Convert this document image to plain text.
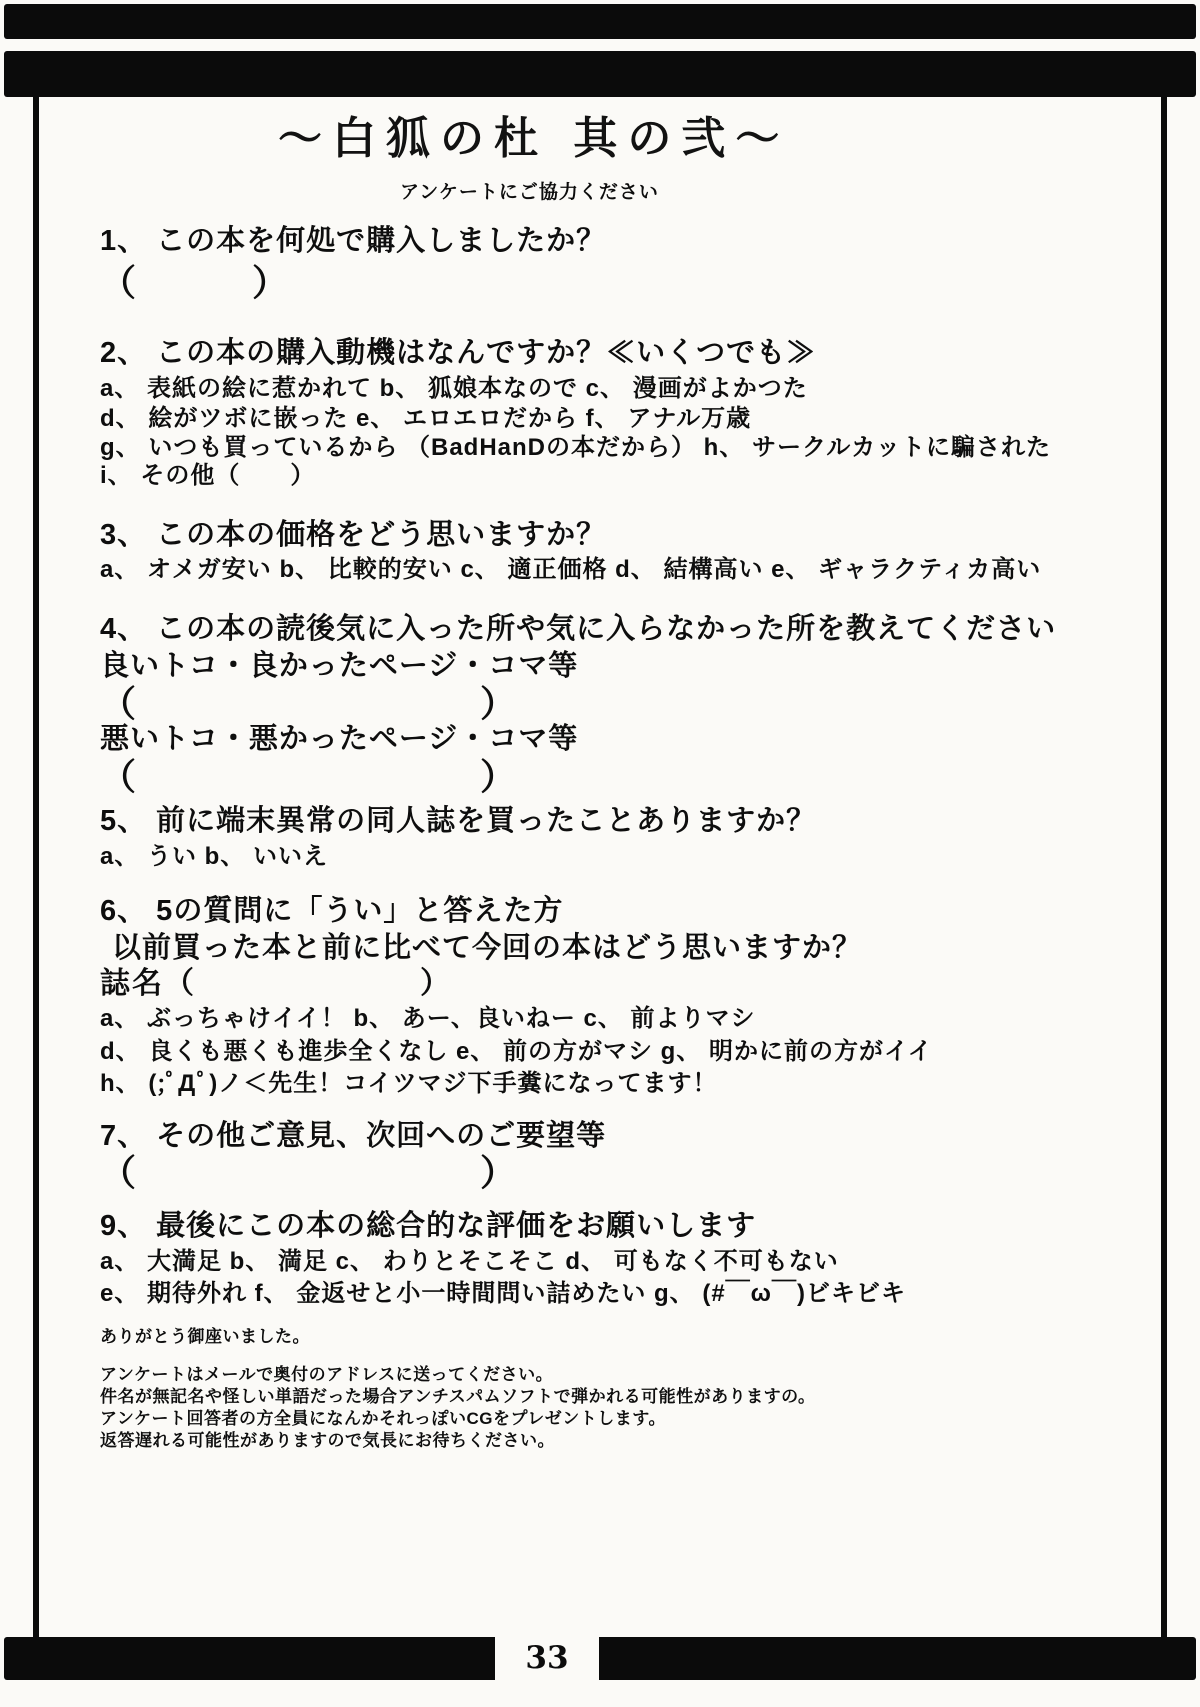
33
～白狐の杜 其の弐～
アンケートにご協力ください
1、 この本を何処で購入しましたか？
（　　　）
2、 この本の購入動機はなんですか？≪いくつでも≫
a、 表紙の絵に惹かれて b、 狐娘本なので c、 漫画がよかつた
d、 絵がツボに嵌った e、 エロエロだから f、 アナル万歳
g、 いつも買っているから （BadHanDの本だから） h、 サークルカットに騙された
i、 その他（　　）
3、 この本の価格をどう思いますか？
a、 オメガ安い b、 比較的安い c、 適正価格 d、 結構高い e、 ギャラクティカ高い
4、 この本の読後気に入った所や気に入らなかった所を教えてください
良いトコ・良かったページ・コマ等
（　　　　　　　　　）
悪いトコ・悪かったページ・コマ等
（　　　　　　　　　）
5、 前に端末異常の同人誌を買ったことありますか？
a、 うい b、 いいえ
6、 5の質問に「うい」と答えた方
以前買った本と前に比べて今回の本はどう思いますか？
誌名（　　　　　　　）
a、 ぶっちゃけイイ！ b、 あー、良いねー c、 前よりマシ
d、 良くも悪くも進歩全くなし e、 前の方がマシ g、 明かに前の方がイイ
h、 (;ﾟДﾟ)ノ＜先生！コイツマジ下手糞になってます！
7、 その他ご意見、次回へのご要望等
（　　　　　　　　　）
9、 最後にこの本の総合的な評価をお願いします
a、 大満足 b、 満足 c、 わりとそこそこ d、 可もなく不可もない
e、 期待外れ f、 金返せと小一時間問い詰めたい g、 (#￣ω￣)ビキビキ
ありがとう御座いました。
アンケートはメールで奥付のアドレスに送ってください。
件名が無記名や怪しい単語だった場合アンチスパムソフトで弾かれる可能性がありますの。
アンケート回答者の方全員になんかそれっぽいCGをプレゼントします。
返答遅れる可能性がありますので気長にお待ちください。
